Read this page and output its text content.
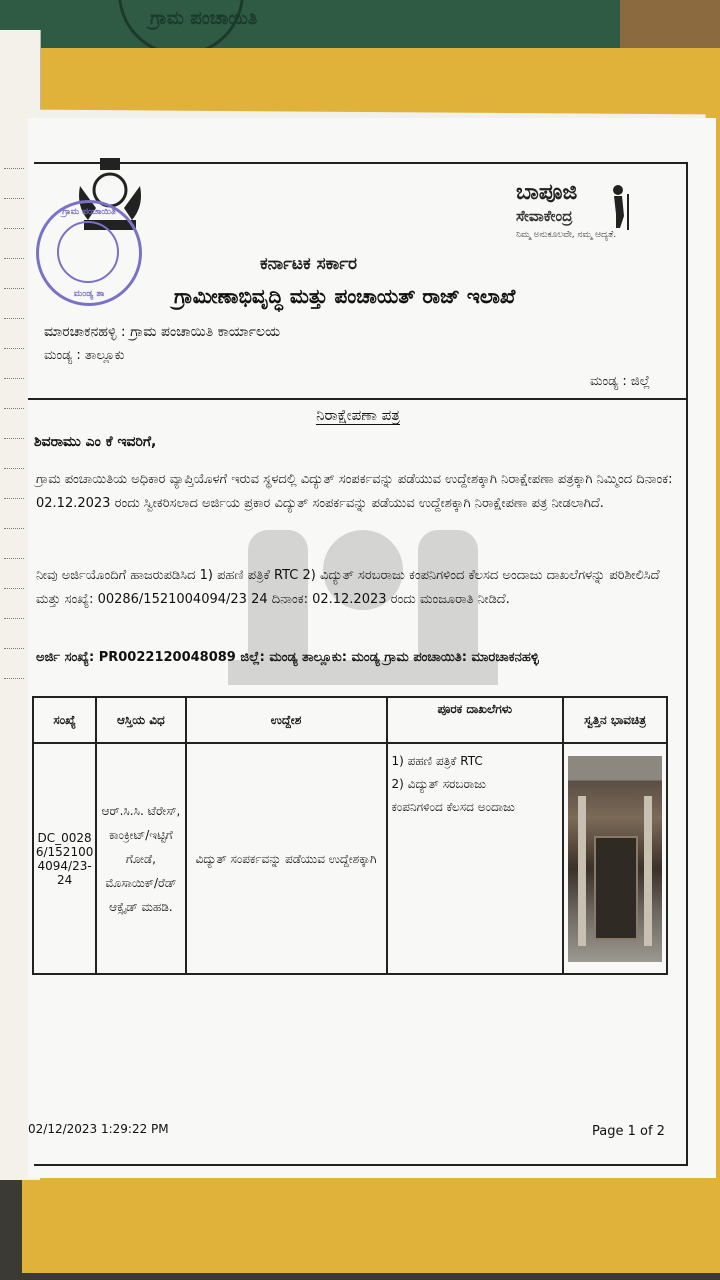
ಗ್ರಾಮ ಪಂಚಾಯಿತಿ
ಗ್ರಾಮ ಪಂಚಾಯಿತಿ
ಮಂಡ್ಯ ತಾ
ಬಾಪೂಜಿ
ಸೇವಾಕೇಂದ್ರ
ನಿಮ್ಮ ಅನುಕೂಲವೇ, ನಮ್ಮ ಆದ್ಯತೆ.
ಕರ್ನಾಟಕ ಸರ್ಕಾರ
ಗ್ರಾಮೀಣಾಭಿವೃದ್ಧಿ ಮತ್ತು ಪಂಚಾಯತ್ ರಾಜ್ ಇಲಾಖೆ
ಮಾರಚಾಕನಹಳ್ಳಿ : ಗ್ರಾಮ ಪಂಚಾಯಿತಿ ಕಾರ್ಯಾಲಯ
ಮಂಡ್ಯ : ತಾಲ್ಲೂಕು
ಮಂಡ್ಯ : ಜಿಲ್ಲೆ
ನಿರಾಕ್ಷೇಪಣಾ ಪತ್ರ
ಶಿವರಾಮು ಎಂ ಕೆ ಇವರಿಗೆ,
ಗ್ರಾಮ ಪಂಚಾಯಿತಿಯ ಅಧಿಕಾರ ವ್ಯಾಪ್ತಿಯೊಳಗೆ ಇರುವ ಸ್ಥಳದಲ್ಲಿ ವಿದ್ಯುತ್ ಸಂಪರ್ಕವನ್ನು ಪಡೆಯುವ ಉದ್ದೇಶಕ್ಕಾಗಿ ನಿರಾಕ್ಷೇಪಣಾ ಪತ್ರಕ್ಕಾಗಿ ನಿಮ್ಮಿಂದ ದಿನಾಂಕ: 02.12.2023 ರಂದು ಸ್ವೀಕರಿಸಲಾದ ಅರ್ಜಿಯ ಪ್ರಕಾರ ವಿದ್ಯುತ್ ಸಂಪರ್ಕವನ್ನು ಪಡೆಯುವ ಉದ್ದೇಶಕ್ಕಾಗಿ ನಿರಾಕ್ಷೇಪಣಾ ಪತ್ರ ನೀಡಲಾಗಿದೆ.
ನೀವು ಅರ್ಜಿಯೊಂದಿಗೆ ಹಾಜರುಪಡಿಸಿದ 1) ಪಹಣಿ ಪತ್ರಿಕೆ RTC 2) ವಿದ್ಯುತ್ ಸರಬರಾಜು ಕಂಪನಿಗಳಿಂದ ಕೆಲಸದ ಅಂದಾಜು ದಾಖಲೆಗಳನ್ನು ಪರಿಶೀಲಿಸಿದೆ ಮತ್ತು ಸಂಖ್ಯೆ: 00286/1521004094/23 24 ದಿನಾಂಕ: 02.12.2023 ರಂದು ಮಂಜೂರಾತಿ ನೀಡಿದೆ.
ಅರ್ಜಿ ಸಂಖ್ಯೆ: PR0022120048089 ಜಿಲ್ಲೆ: ಮಂಡ್ಯ ತಾಲ್ಲೂಕು: ಮಂಡ್ಯ ಗ್ರಾಮ ಪಂಚಾಯಿತಿ: ಮಾರಚಾಕನಹಳ್ಳಿ
ಸಂಖ್ಯೆ	ಆಸ್ತಿಯ ವಿಧ	ಉದ್ದೇಶ	ಪೂರಕ ದಾಖಲೆಗಳು	ಸ್ವತ್ತಿನ ಭಾವಚಿತ್ರ
DC_00286/1521004094/23-24	ಆರ್.ಸಿ.ಸಿ. ಟೆರೇಸ್, ಕಾಂಕ್ರೀಟ್/ಇಟ್ಟಿಗೆ ಗೋಡೆ, ಮೊಸಾಯಿಕ್/ರೆಡ್ ಆಕ್ಸೈಡ್ ಮಹಡಿ.	ವಿದ್ಯುತ್ ಸಂಪರ್ಕವನ್ನು ಪಡೆಯುವ ಉದ್ದೇಶಕ್ಕಾಗಿ	1) ಪಹಣಿ ಪತ್ರಿಕೆ RTC
2) ವಿದ್ಯುತ್ ಸರಬರಾಜು
ಕಂಪನಿಗಳಿಂದ ಕೆಲಸದ ಅಂದಾಜು	

02/12/2023 1:29:22 PM	Page 1 of 2
